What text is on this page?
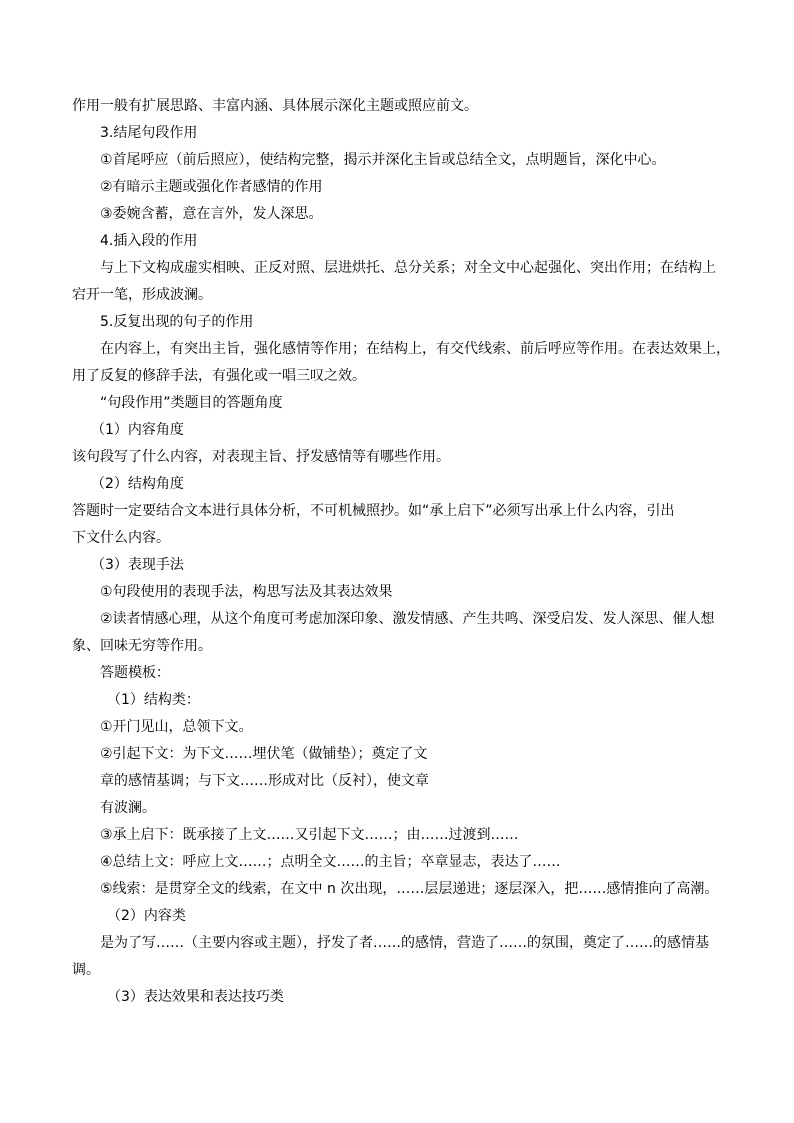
作用一般有扩展思路、丰富内涵、具体展示深化主题或照应前文。
3.结尾句段作用
①首尾呼应（前后照应），使结构完整，揭示并深化主旨或总结全文，点明题旨，深化中心。
②有暗示主题或强化作者感情的作用
③委婉含蓄，意在言外，发人深思。
4.插入段的作用
与上下文构成虚实相映、正反对照、层进烘托、总分关系；对全文中心起强化、突出作用；在结构上
宕开一笔，形成波澜。
5.反复出现的句子的作用
在内容上，有突出主旨，强化感情等作用；在结构上，有交代线索、前后呼应等作用。在表达效果上，
用了反复的修辞手法，有强化或一唱三叹之效。
“句段作用”类题目的答题角度
（1）内容角度
该句段写了什么内容，对表现主旨、抒发感情等有哪些作用。
（2）结构角度
答题时一定要结合文本进行具体分析，不可机械照抄。如“承上启下”必须写出承上什么内容，引出
下文什么内容。
（3）表现手法
①句段使用的表现手法，构思写法及其表达效果
②读者情感心理，从这个角度可考虑加深印象、激发情感、产生共鸣、深受启发、发人深思、催人想
象、回味无穷等作用。
答题模板：
（1）结构类：
①开门见山，总领下文。
②引起下文：为下文……埋伏笔（做铺垫）；奠定了文
章的感情基调；与下文……形成对比（反衬），使文章
有波澜。
③承上启下：既承接了上文……又引起下文……；由……过渡到……
④总结上文：呼应上文……；点明全文……的主旨；卒章显志，表达了……
⑤线索：是贯穿全文的线索，在文中 n 次出现，……层层递进；逐层深入，把……感情推向了高潮。
（2）内容类
是为了写……（主要内容或主题），抒发了者……的感情，营造了……的氛围，奠定了……的感情基
调。
（3）表达效果和表达技巧类
